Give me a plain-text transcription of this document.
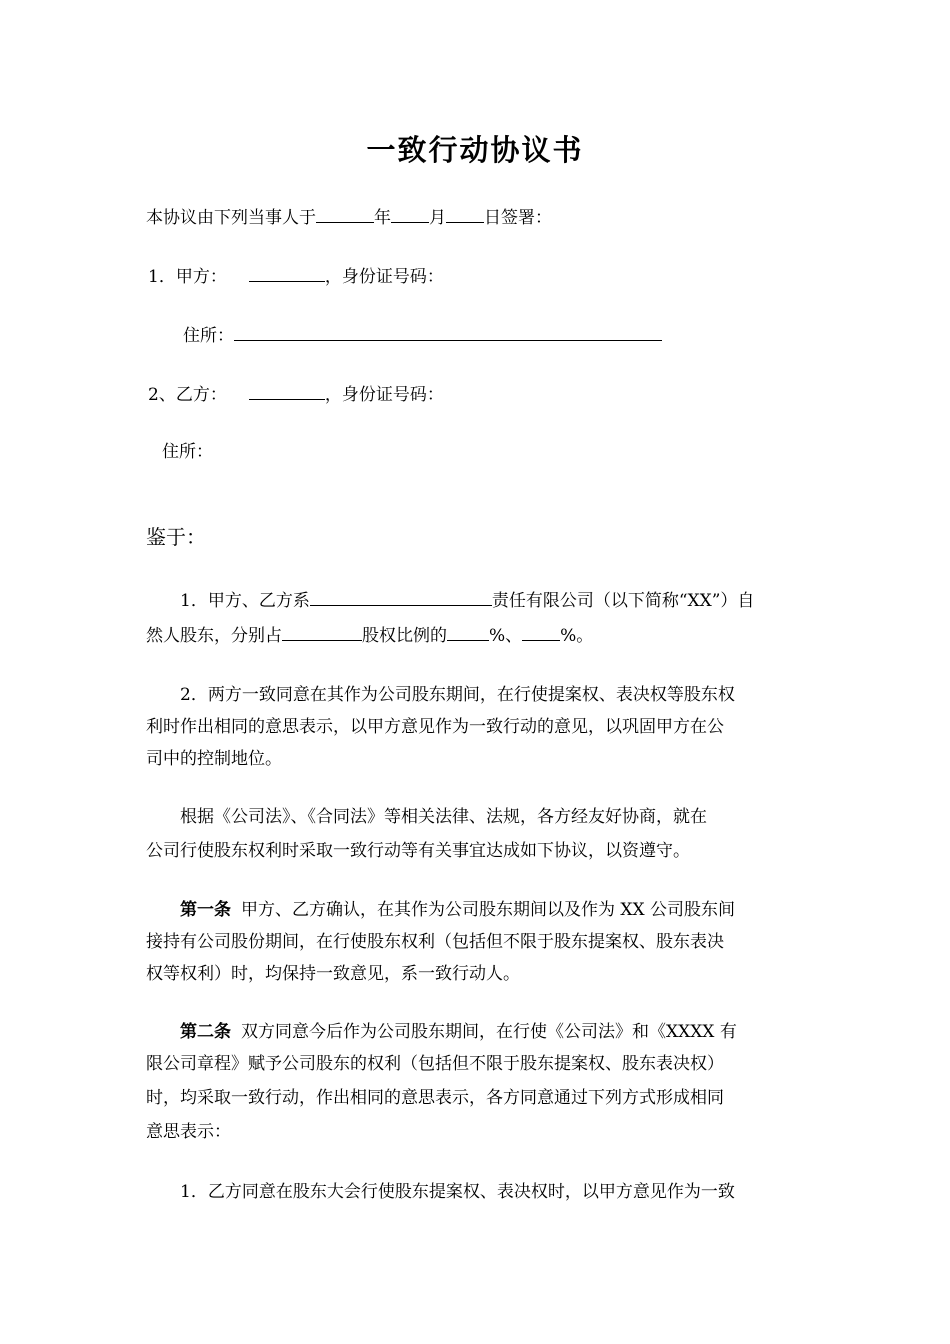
一致行动协议书
本协议由下列当事人于	年 月 日签署：
1．甲方：	，身份证号码：
住所：
2、乙方：	，身份证号码：
住所：
鉴于：
1．甲方、乙方系	责任有限公司（以下简称“XX”）自
然人股东，分别占	股权比例的 %、 %。
2．两方一致同意在其作为公司股东期间，在行使提案权、表决权等股东权
利时作出相同的意思表示，以甲方意见作为一致行动的意见，以巩固甲方在公
司中的控制地位。
根据《公司法》、《合同法》等相关法律、法规，各方经友好协商，就在
公司行使股东权利时采取一致行动等有关事宜达成如下协议，以资遵守。
第一条 甲方、乙方确认，在其作为公司股东期间以及作为 XX 公司股东间
接持有公司股份期间，在行使股东权利（包括但不限于股东提案权、股东表决
权等权利）时，均保持一致意见，系一致行动人。
第二条 双方同意今后作为公司股东期间，在行使《公司法》和《XXXX 有
限公司章程》赋予公司股东的权利（包括但不限于股东提案权、股东表决权）
时，均采取一致行动，作出相同的意思表示，各方同意通过下列方式形成相同
意思表示：
1．乙方同意在股东大会行使股东提案权、表决权时，以甲方意见作为一致
